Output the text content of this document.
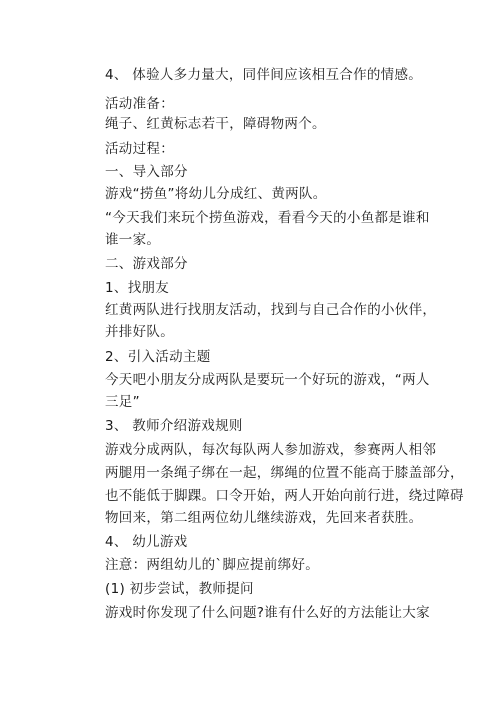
4、 体验人多力量大，同伴间应该相互合作的情感。
活动准备：
绳子、红黄标志若干，障碍物两个。
活动过程：
一、导入部分
游戏“捞鱼”将幼儿分成红、黄两队。
“今天我们来玩个捞鱼游戏，看看今天的小鱼都是谁和
谁一家。
二、游戏部分
1、找朋友
红黄两队进行找朋友活动，找到与自己合作的小伙伴，
并排好队。
2、引入活动主题
今天吧小朋友分成两队是要玩一个好玩的游戏，“两人
三足”
3、 教师介绍游戏规则
游戏分成两队，每次每队两人参加游戏，参赛两人相邻
两腿用一条绳子绑在一起，绑绳的位置不能高于膝盖部分，
也不能低于脚踝。口令开始，两人开始向前行进，绕过障碍
物回来，第二组两位幼儿继续游戏，先回来者获胜。
4、 幼儿游戏
注意：两组幼儿的`脚应提前绑好。
(1) 初步尝试，教师提问
游戏时你发现了什么问题?谁有什么好的方法能让大家
